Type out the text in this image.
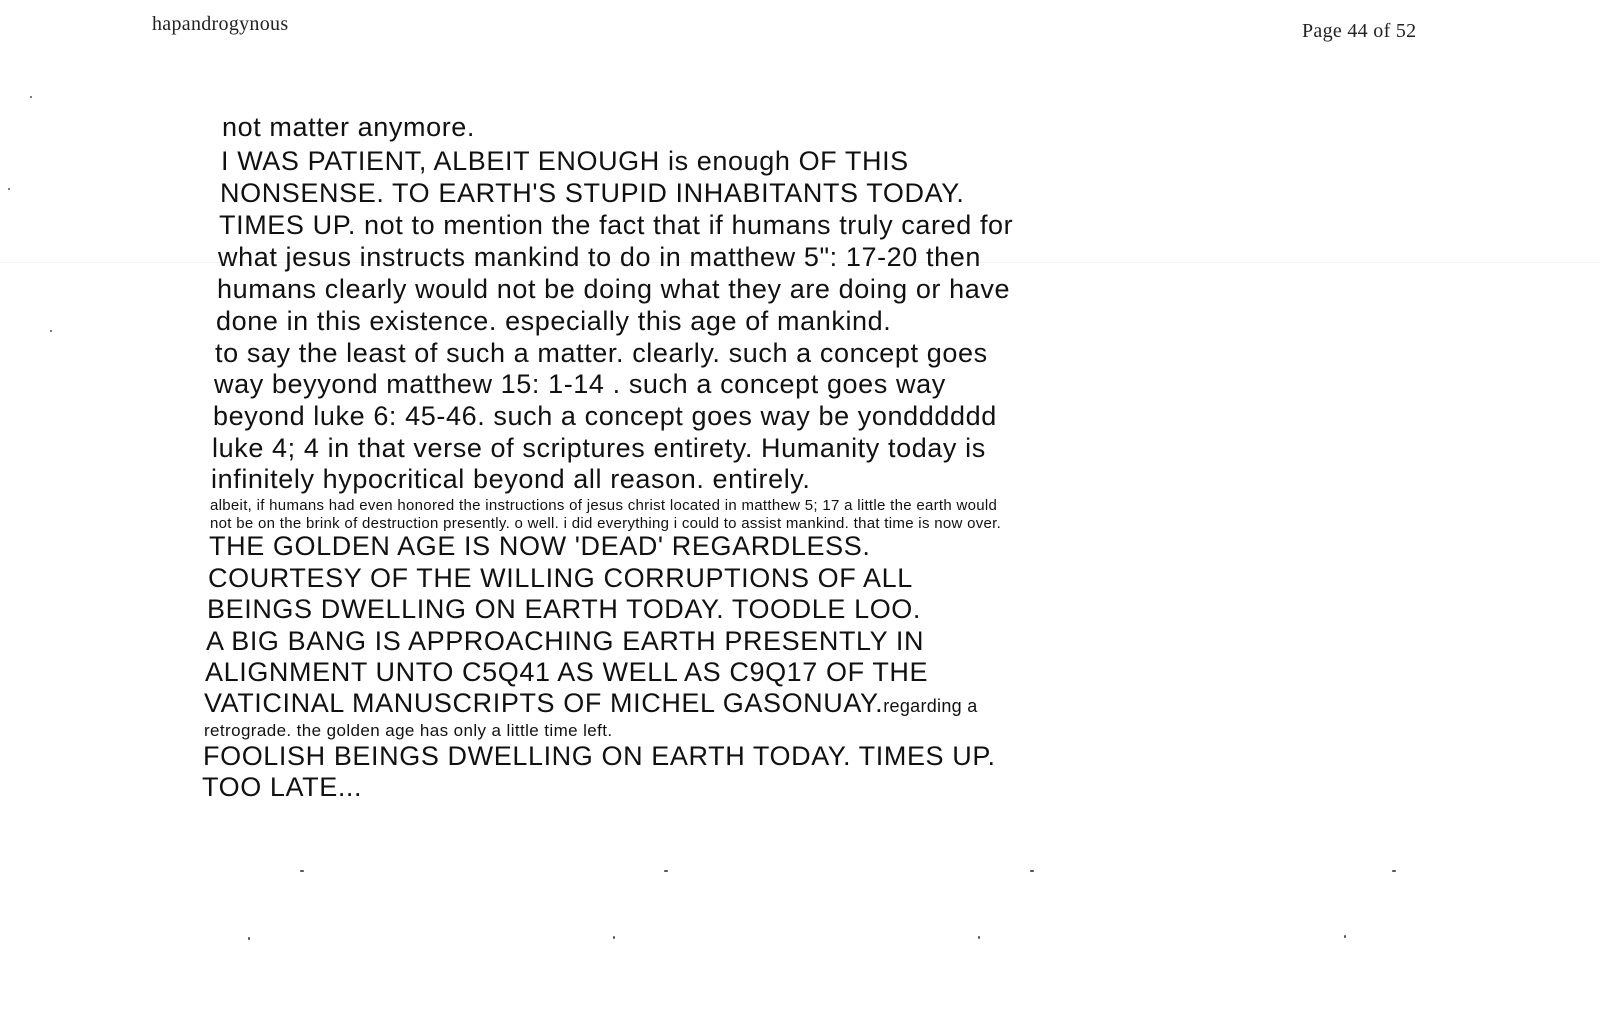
hapandrogynous	Page 44 of 52
not matter anymore.
I WAS PATIENT, ALBEIT ENOUGH is enough OF THIS
NONSENSE. TO EARTH'S STUPID INHABITANTS TODAY.
TIMES UP. not to mention the fact that if humans truly cared for
what jesus instructs mankind to do in matthew 5": 17-20 then
humans clearly would not be doing what they are doing or have
done in this existence. especially this age of mankind.
to say the least of such a matter. clearly. such a concept goes
way beyyond matthew 15: 1-14 . such a concept goes way
beyond luke 6: 45-46. such a concept goes way be yondddddd
luke 4; 4 in that verse of scriptures entirety. Humanity today is
infinitely hypocritical beyond all reason. entirely.
albeit, if humans had even honored the instructions of jesus christ located in matthew 5; 17 a little the earth would
not be on the brink of destruction presently. o well. i did everything i could to assist mankind. that time is now over.
THE GOLDEN AGE IS NOW 'DEAD' REGARDLESS.
COURTESY OF THE WILLING CORRUPTIONS OF ALL
BEINGS DWELLING ON EARTH TODAY. TOODLE LOO.
A BIG BANG IS APPROACHING EARTH PRESENTLY IN
ALIGNMENT UNTO C5Q41 AS WELL AS C9Q17 OF THE
VATICINAL MANUSCRIPTS OF MICHEL GASONUAY.regarding a
retrograde. the golden age has only a little time left.
FOOLISH BEINGS DWELLING ON EARTH TODAY. TIMES UP.
TOO LATE...
